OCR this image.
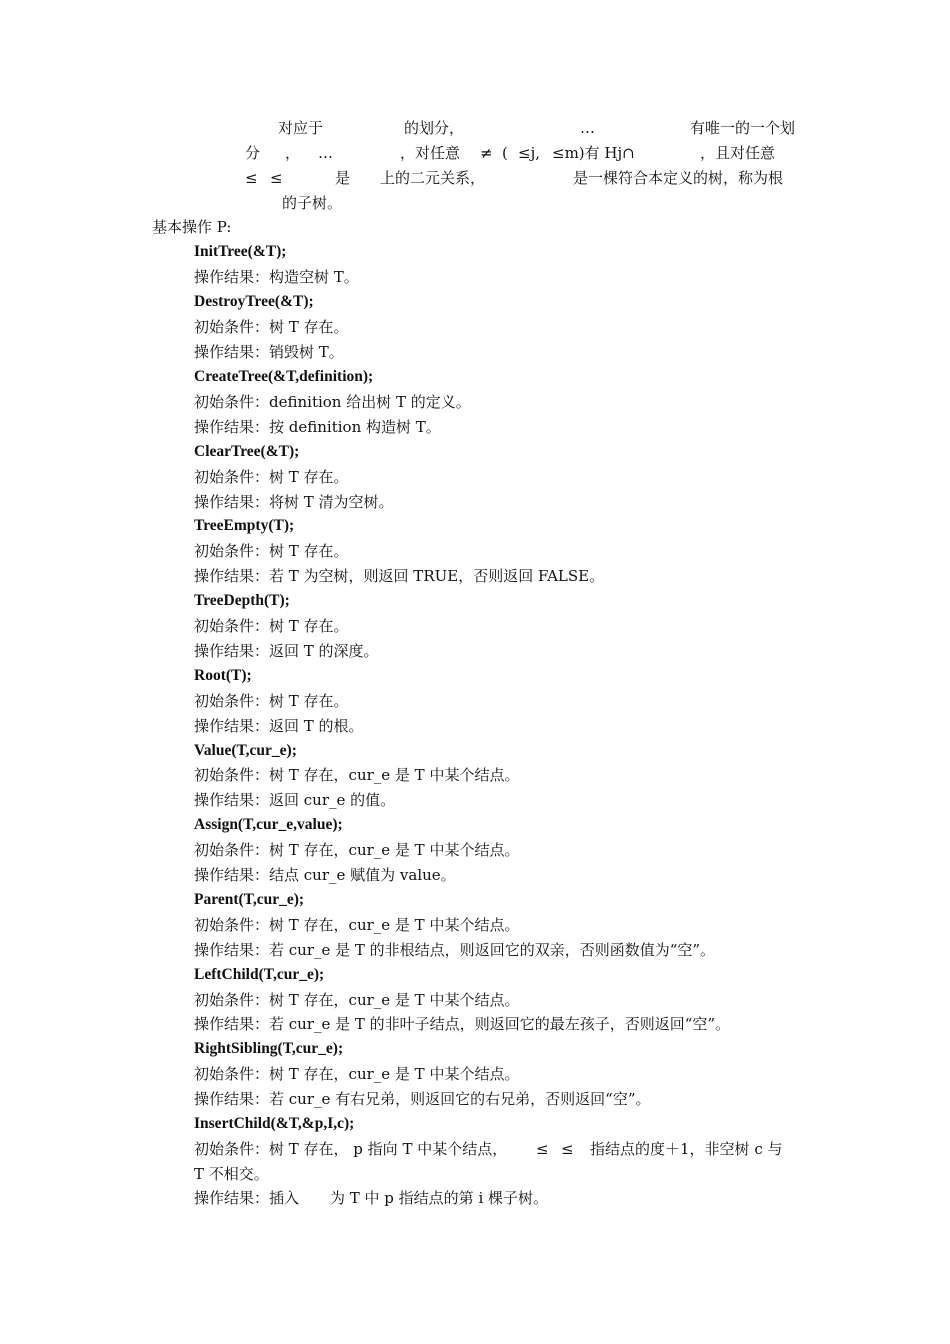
对应于	的划分，	…	有唯一的一个划
分 ， …	，对任意 ≠ ( ≤j, ≤m)有 Hj∩	，且对任意
≤ ≤	是 上的二元关系，	是一棵符合本定义的树，称为根
的子树。
基本操作 P:
InitTree(&T);
操作结果：构造空树 T。
DestroyTree(&T);
初始条件：树 T 存在。
操作结果：销毁树 T。
CreateTree(&T,definition);
初始条件：definition 给出树 T 的定义。
操作结果：按 definition 构造树 T。
ClearTree(&T);
初始条件：树 T 存在。
操作结果：将树 T 清为空树。
TreeEmpty(T);
初始条件：树 T 存在。
操作结果：若 T 为空树，则返回 TRUE，否则返回 FALSE。
TreeDepth(T);
初始条件：树 T 存在。
操作结果：返回 T 的深度。
Root(T);
初始条件：树 T 存在。
操作结果：返回 T 的根。
Value(T,cur_e);
初始条件：树 T 存在，cur_e 是 T 中某个结点。
操作结果：返回 cur_e 的值。
Assign(T,cur_e,value);
初始条件：树 T 存在，cur_e 是 T 中某个结点。
操作结果：结点 cur_e 赋值为 value。
Parent(T,cur_e);
初始条件：树 T 存在，cur_e 是 T 中某个结点。
操作结果：若 cur_e 是 T 的非根结点，则返回它的双亲，否则函数值为“空”。
LeftChild(T,cur_e);
初始条件：树 T 存在，cur_e 是 T 中某个结点。
操作结果：若 cur_e 是 T 的非叶子结点，则返回它的最左孩子，否则返回“空”。
RightSibling(T,cur_e);
初始条件：树 T 存在，cur_e 是 T 中某个结点。
操作结果：若 cur_e 有右兄弟，则返回它的右兄弟，否则返回“空”。
InsertChild(&T,&p,I,c);
初始条件：树 T 存在， p 指向 T 中某个结点， ≤ ≤ 指结点的度＋1，非空树 c 与
T 不相交。
操作结果：插入 为 T 中 p 指结点的第 i 棵子树。
